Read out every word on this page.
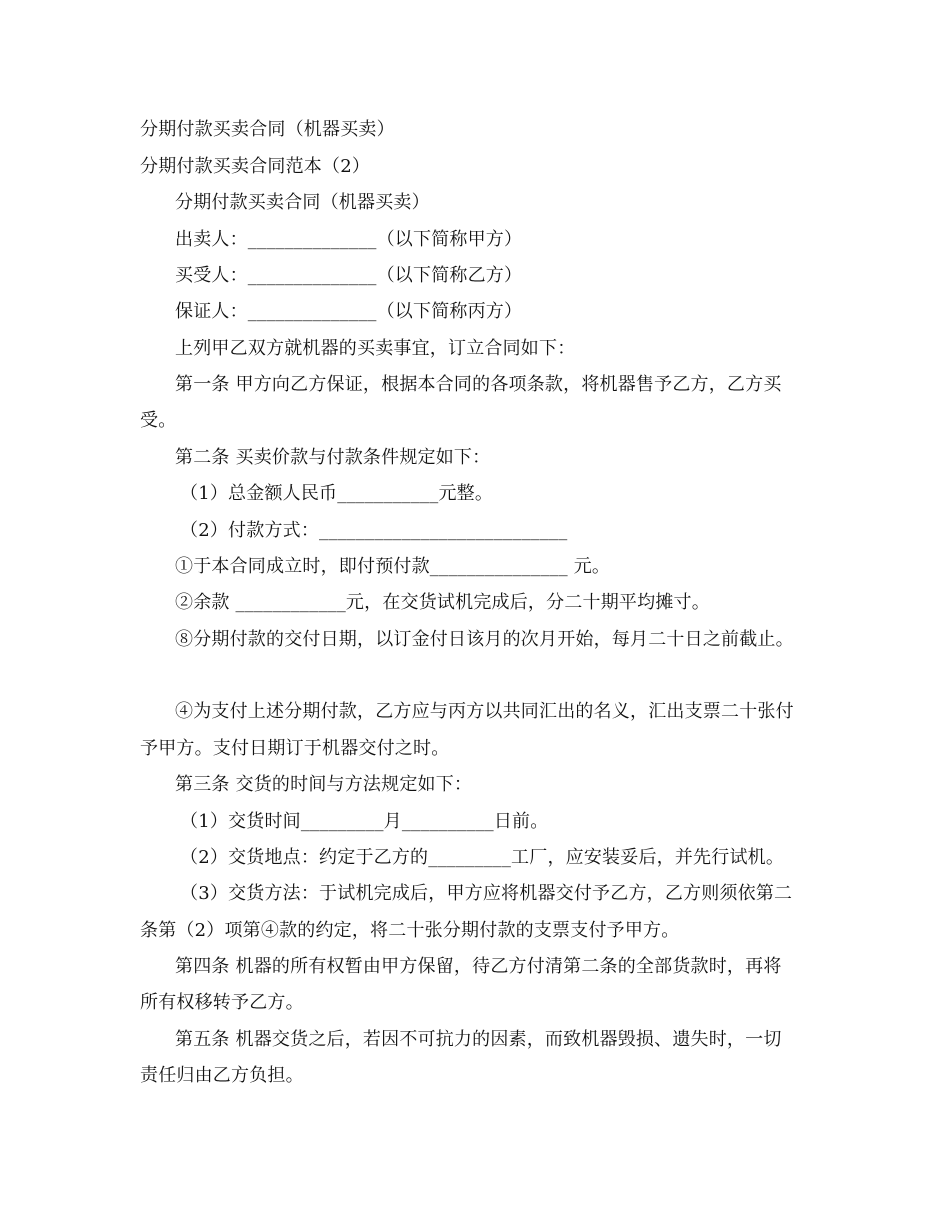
分期付款买卖合同（机器买卖）
分期付款买卖合同范本（2）
分期付款买卖合同（机器买卖）
出卖人：______________（以下简称甲方）
买受人：______________（以下简称乙方）
保证人：______________（以下简称丙方）
上列甲乙双方就机器的买卖事宜，订立合同如下：
第一条 甲方向乙方保证，根据本合同的各项条款，将机器售予乙方，乙方买
受。
第二条 买卖价款与付款条件规定如下：
（1）总金额人民币___________元整。
（2）付款方式：___________________________
①于本合同成立时，即付预付款_______________ 元。
②余款 ____________元，在交货试机完成后，分二十期平均摊寸。
⑧分期付款的交付日期，以订金付日该月的次月开始，每月二十日之前截止。
④为支付上述分期付款，乙方应与丙方以共同汇出的名义，汇出支票二十张付
予甲方。支付日期订于机器交付之时。
第三条 交货的时间与方法规定如下：
（1）交货时间_________月__________日前。
（2）交货地点：约定于乙方的_________工厂，应安装妥后，并先行试机。
（3）交货方法：于试机完成后，甲方应将机器交付予乙方，乙方则须依第二
条第（2）项第④款的约定，将二十张分期付款的支票支付予甲方。
第四条 机器的所有权暂由甲方保留，待乙方付清第二条的全部货款时，再将
所有权移转予乙方。
第五条 机器交货之后，若因不可抗力的因素，而致机器毁损、遗失时，一切
责任归由乙方负担。
